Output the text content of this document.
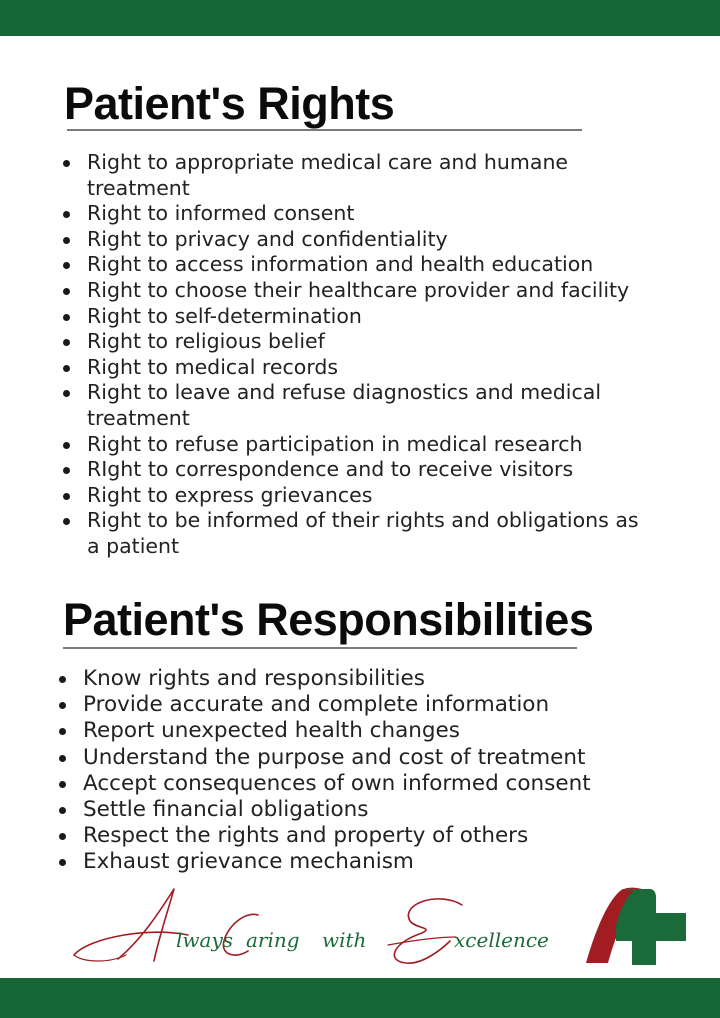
Patient's Rights
Right to appropriate medical care and humane treatment
Right to informed consent
Right to privacy and confidentiality
Right to access information and health education
Right to choose their healthcare provider and facility
Right to self-determination
Right to religious belief
Right to medical records
Right to leave and refuse diagnostics and medical treatment
Right to refuse participation in medical research
RIght to correspondence and to receive visitors
Right to express grievances
Right to be informed of their rights and obligations as a patient
Patient's Responsibilities
Know rights and responsibilities
Provide accurate and complete information
Report unexpected health changes
Understand the purpose and cost of treatment
Accept consequences of own informed consent
Settle financial obligations
Respect the rights and property of others
Exhaust grievance mechanism
lways aring with	xcellence
